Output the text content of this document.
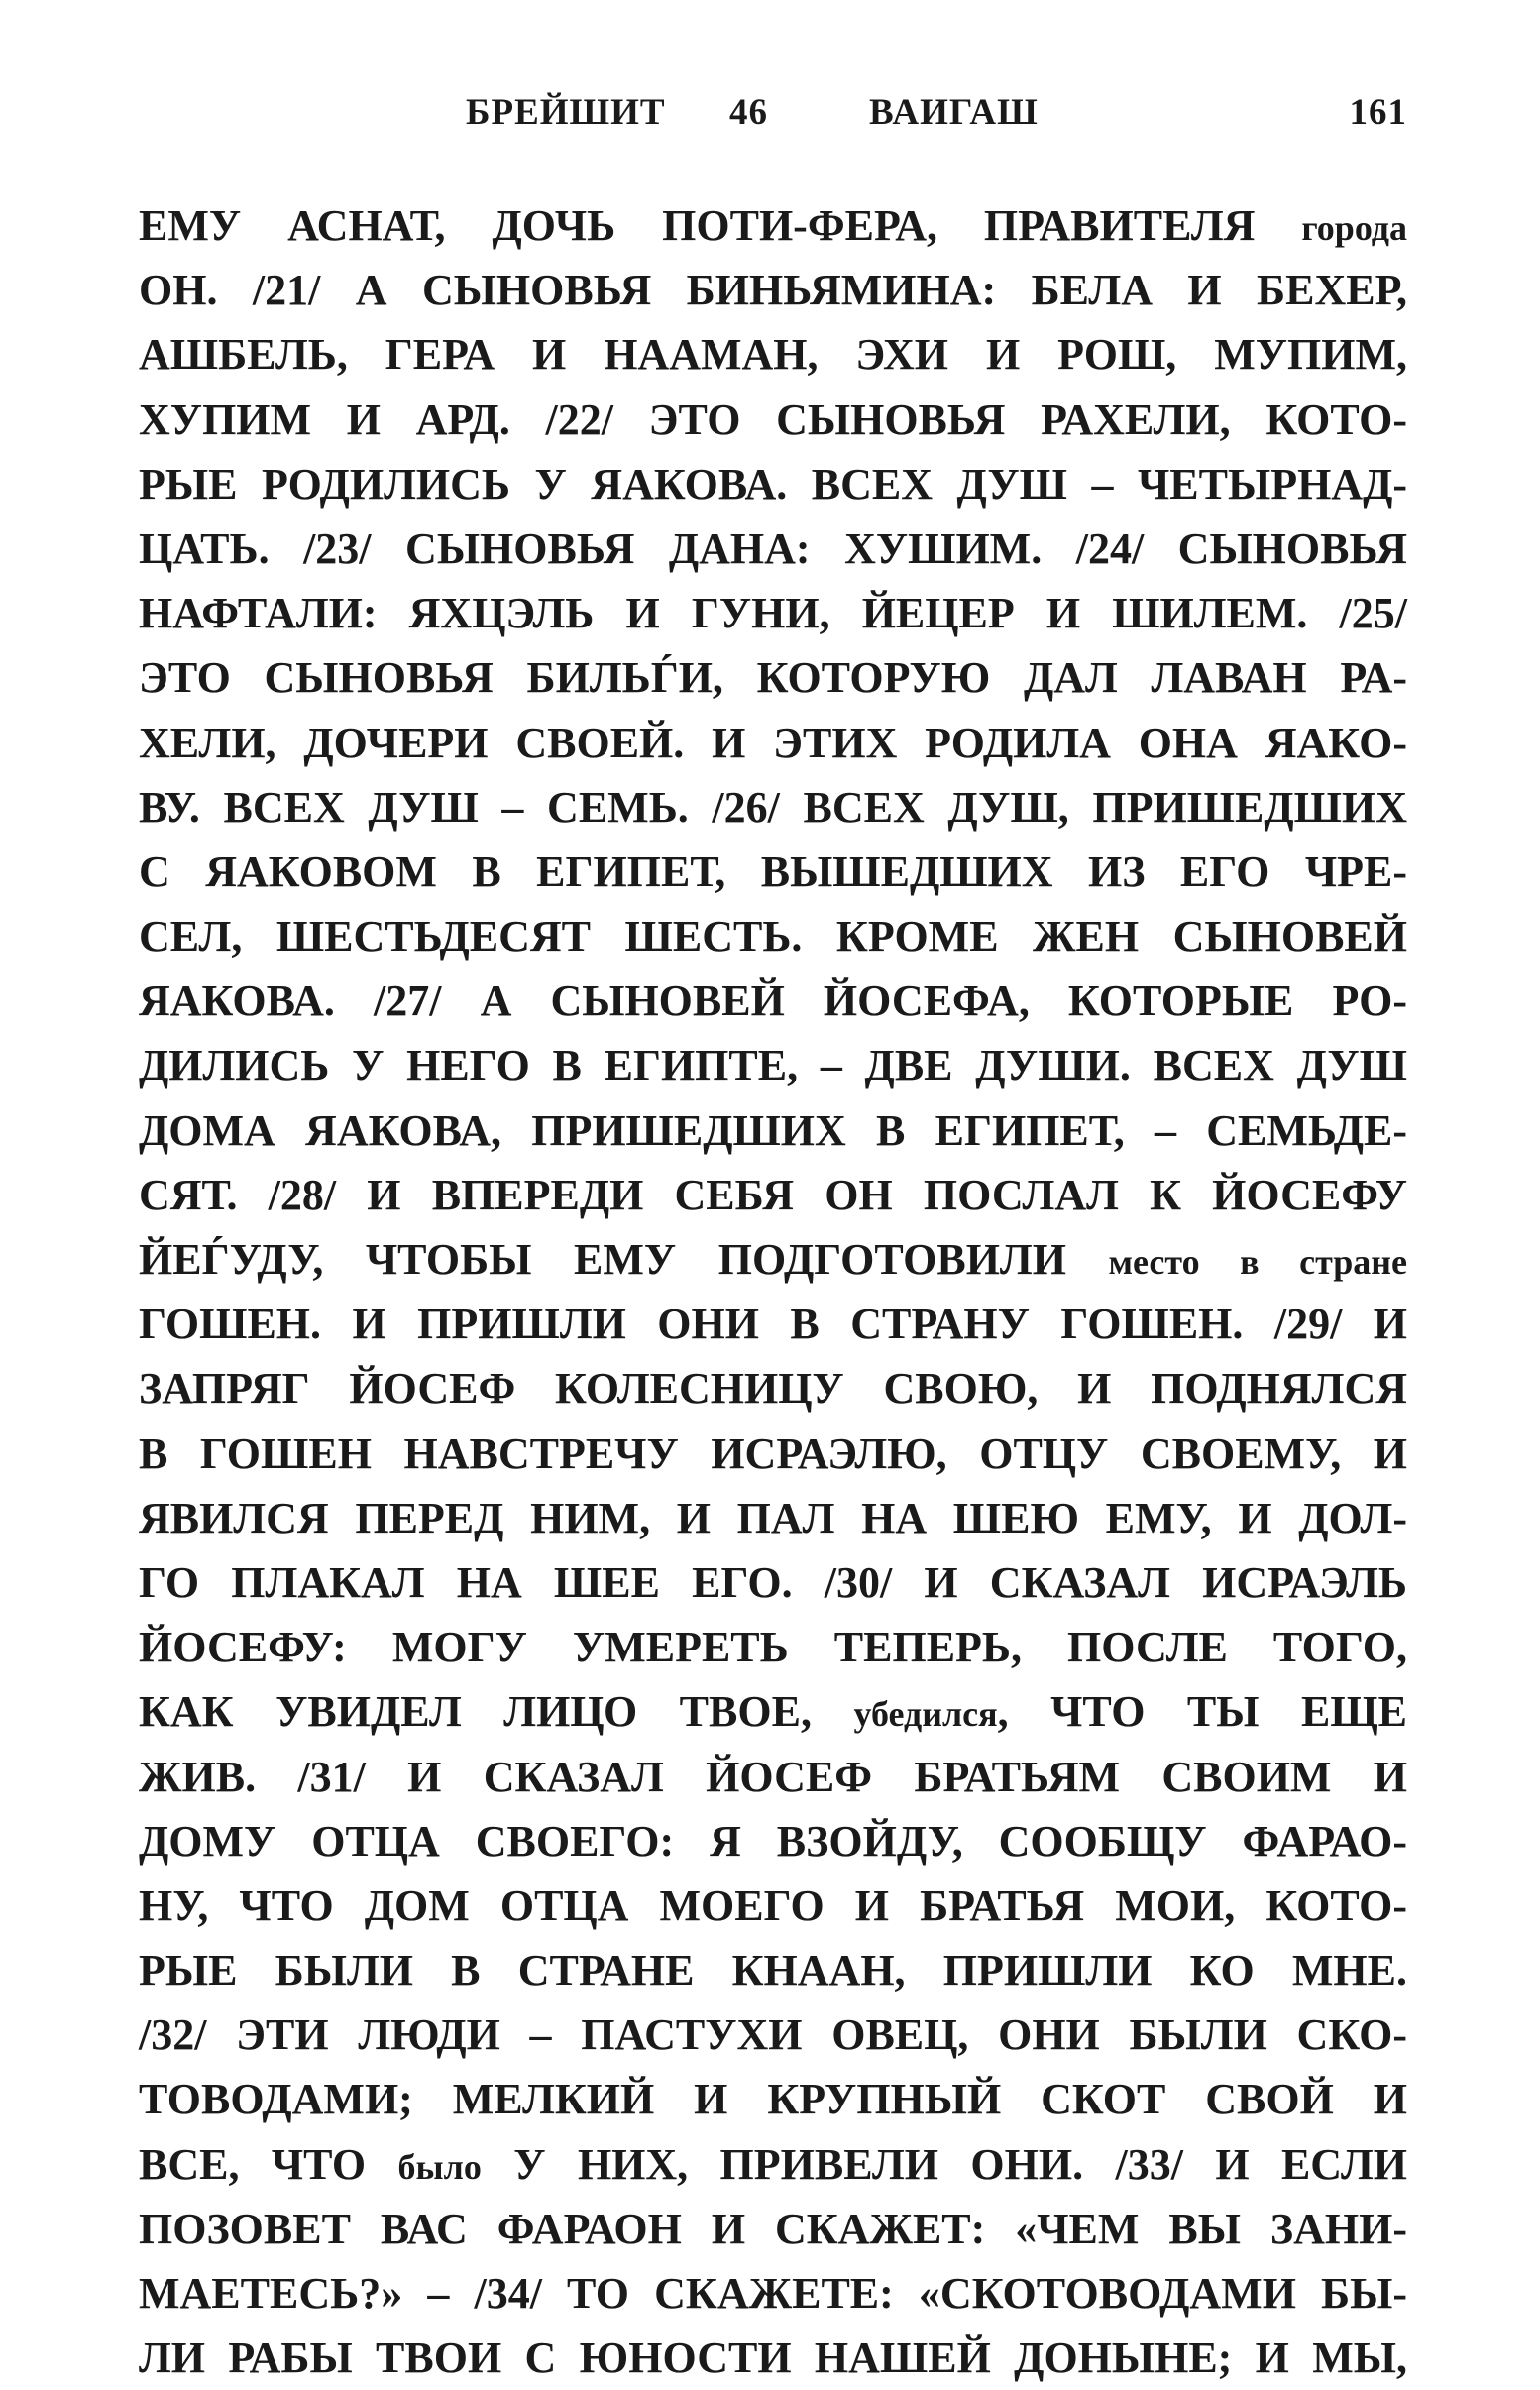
БРЕЙШИТ 46	ВАИГАШ	161
ЕМУ АСНАТ, ДОЧЬ ПОТИ-ФЕРА, ПРАВИТЕЛЯ города
ОН. /21/ А СЫНОВЬЯ БИНЬЯМИНА: БЕЛА И БЕХЕР,
АШБЕЛЬ, ГЕРА И НААМАН, ЭХИ И РОШ, МУПИМ,
ХУПИМ И АРД. /22/ ЭТО СЫНОВЬЯ РАХЕЛИ, КОТО-
РЫЕ РОДИЛИСЬ У ЯАКОВА. ВСЕХ ДУШ – ЧЕТЫРНАД-
ЦАТЬ. /23/ СЫНОВЬЯ ДАНА: ХУШИМ. /24/ СЫНОВЬЯ
НАФТАЛИ: ЯХЦЭЛЬ И ГУНИ, ЙЕЦЕР И ШИЛЕМ. /25/
ЭТО СЫНОВЬЯ БИЛЬЃИ, КОТОРУЮ ДАЛ ЛАВАН РА-
ХЕЛИ, ДОЧЕРИ СВОЕЙ. И ЭТИХ РОДИЛА ОНА ЯАКО-
ВУ. ВСЕХ ДУШ – СЕМЬ. /26/ ВСЕХ ДУШ, ПРИШЕДШИХ
С ЯАКОВОМ В ЕГИПЕТ, ВЫШЕДШИХ ИЗ ЕГО ЧРЕ-
СЕЛ, ШЕСТЬДЕСЯТ ШЕСТЬ. КРОМЕ ЖЕН СЫНОВЕЙ
ЯАКОВА. /27/ А СЫНОВЕЙ ЙОСЕФА, КОТОРЫЕ РО-
ДИЛИСЬ У НЕГО В ЕГИПТЕ, – ДВЕ ДУШИ. ВСЕХ ДУШ
ДОМА ЯАКОВА, ПРИШЕДШИХ В ЕГИПЕТ, – СЕМЬДЕ-
СЯТ. /28/ И ВПЕРЕДИ СЕБЯ ОН ПОСЛАЛ К ЙОСЕФУ
ЙЕЃУДУ, ЧТОБЫ ЕМУ ПОДГОТОВИЛИ место в стране
ГОШЕН. И ПРИШЛИ ОНИ В СТРАНУ ГОШЕН. /29/ И
ЗАПРЯГ ЙОСЕФ КОЛЕСНИЦУ СВОЮ, И ПОДНЯЛСЯ
В ГОШЕН НАВСТРЕЧУ ИСРАЭЛЮ, ОТЦУ СВОЕМУ, И
ЯВИЛСЯ ПЕРЕД НИМ, И ПАЛ НА ШЕЮ ЕМУ, И ДОЛ-
ГО ПЛАКАЛ НА ШЕЕ ЕГО. /30/ И СКАЗАЛ ИСРАЭЛЬ
ЙОСЕФУ: МОГУ УМЕРЕТЬ ТЕПЕРЬ, ПОСЛЕ ТОГО,
КАК УВИДЕЛ ЛИЦО ТВОЕ, убедился, ЧТО ТЫ ЕЩЕ
ЖИВ. /31/ И СКАЗАЛ ЙОСЕФ БРАТЬЯМ СВОИМ И
ДОМУ ОТЦА СВОЕГО: Я ВЗОЙДУ, СООБЩУ ФАРАО-
НУ, ЧТО ДОМ ОТЦА МОЕГО И БРАТЬЯ МОИ, КОТО-
РЫЕ БЫЛИ В СТРАНЕ КНААН, ПРИШЛИ КО МНЕ.
/32/ ЭТИ ЛЮДИ – ПАСТУХИ ОВЕЦ, ОНИ БЫЛИ СКО-
ТОВОДАМИ; МЕЛКИЙ И КРУПНЫЙ СКОТ СВОЙ И
ВСЕ, ЧТО было У НИХ, ПРИВЕЛИ ОНИ. /33/ И ЕСЛИ
ПОЗОВЕТ ВАС ФАРАОН И СКАЖЕТ: «ЧЕМ ВЫ ЗАНИ-
МАЕТЕСЬ?» – /34/ ТО СКАЖЕТЕ: «СКОТОВОДАМИ БЫ-
ЛИ РАБЫ ТВОИ С ЮНОСТИ НАШЕЙ ДОНЫНЕ; И МЫ,
